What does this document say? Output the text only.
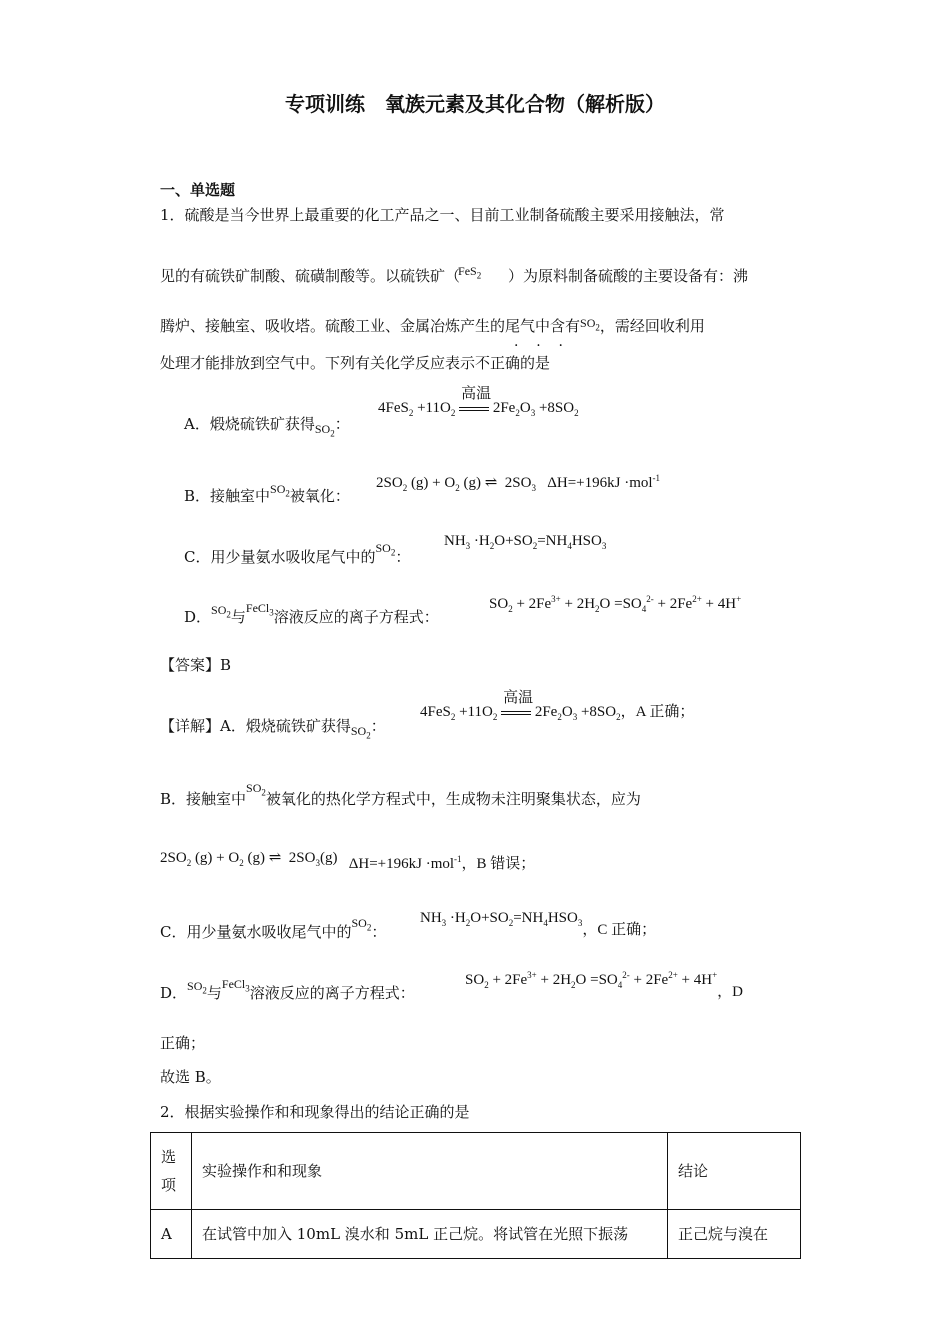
专项训练　氧族元素及其化合物（解析版）
一、单选题
1．硫酸是当今世界上最重要的化工产品之一、目前工业制备硫酸主要采用接触法，常
见的有硫铁矿制酸、硫磺制酸等。以硫铁矿（
FeS$_2$ ）为原料制备硫酸的主要设备有：沸
腾炉、接触室、吸收塔。硫酸工业、金属冶炼产生的尾气中含有$^{SO_2}$，需经回收利用
处理才能排放到空气中。下列有关化学反应表示不正确的是
·    ·    ·
A．煅烧硫铁矿获得$_{SO_2}$：
$4FeS_2 +11O_2$
高温
$2Fe_2O_3 +8SO_2$
B．接触室中$^{SO_2}$被氧化：
$2SO_2$ $(g) + O_2$ (g) ⇌  $2SO_3$ ΔH=+196kJ ·mol$^{-1}$
C．用少量氨水吸收尾气中的$^{SO_2}$：
$NH_3 \cdot H_2O+SO_2=NH_4HSO_3$
D．$^{SO_2}$与$^{FeCl_3}$溶液反应的离子方程式：
$SO_2 + 2Fe^{3+} + 2H_2O =SO_4^{2-} + 2Fe^{2+} + 4H^+$
【答案】B
【详解】A．煅烧硫铁矿获得$_{SO_2}$：
$4FeS_2 +11O_2$
高温
$2Fe_2O_3 +8SO_2$，A 正确；
B．接触室中$^{SO_2}$被氧化的热化学方程式中，生成物未注明聚集状态，应为
$2SO_2$ $(g) + O_2$ (g) ⇌  $2SO_3(g)$   ΔH=+196kJ ·mol$^{-1}$，B 错误；
C．用少量氨水吸收尾气中的$^{SO_2}$：
$NH_3 \cdot H_2O+SO_2=NH_4HSO_3$，C 正确；
D．$^{SO_2}$与$^{FeCl_3}$溶液反应的离子方程式：
$SO_2 + 2Fe^{3+} + 2H_2O =SO_4^{2-} + 2Fe^{2+} + 4H^+$，D
正确；
故选 B。
2．根据实验操作和和现象得出的结论正确的是
选项	实验操作和和现象	结论
A	在试管中加入 10mL 溴水和 5mL 正己烷。将试管在光照下振荡	正己烷与溴在
